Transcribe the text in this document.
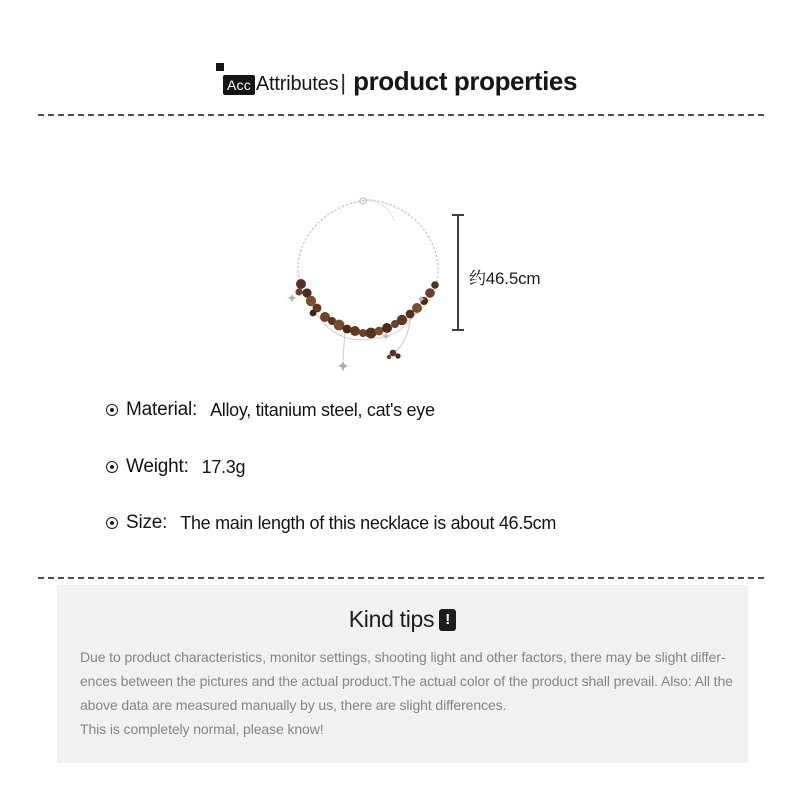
Acc Attributes | product properties
约46.5cm
Material: Alloy, titanium steel, cat's eye
Weight: 17.3g
Size: The main length of this necklace is about 46.5cm
Kind tips !
Due to product characteristics, monitor settings, shooting light and other factors, there may be slight differ-
ences between the pictures and the actual product.The actual color of the product shall prevail. Also: All the
above data are measured manually by us, there are slight differences.
This is completely normal, please know!
